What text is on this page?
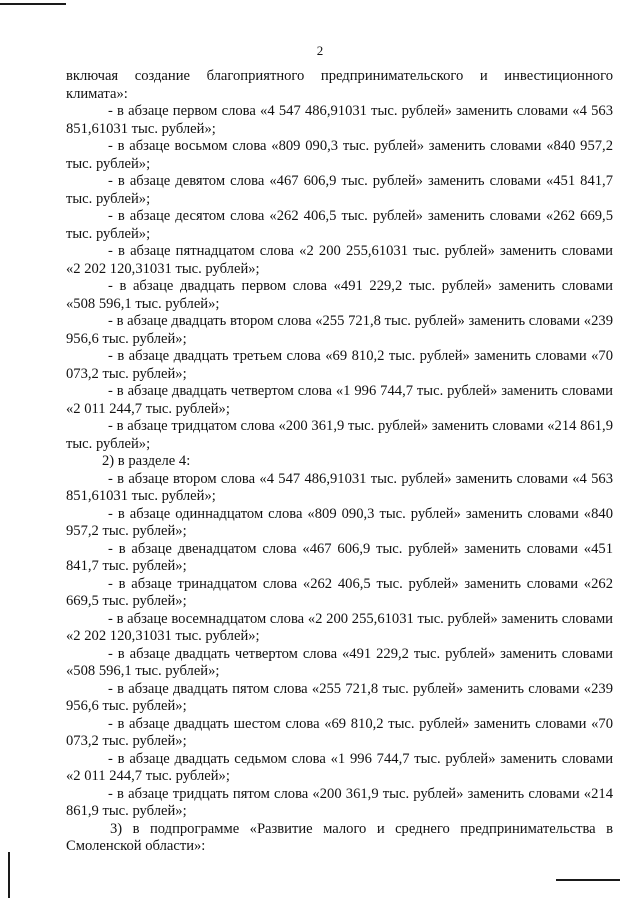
2

включая создание благоприятного предпринимательского и инвестиционного климата»:

- в абзаце первом слова «4 547 486,91031 тыс. рублей» заменить словами «4 563 851,61031 тыс. рублей»;

- в абзаце восьмом слова «809 090,3 тыс. рублей» заменить словами «840 957,2 тыс. рублей»;

- в абзаце девятом слова «467 606,9 тыс. рублей» заменить словами «451 841,7 тыс. рублей»;

- в абзаце десятом слова «262 406,5 тыс. рублей» заменить словами «262 669,5 тыс. рублей»;

- в абзаце пятнадцатом слова «2 200 255,61031 тыс. рублей» заменить словами «2 202 120,31031 тыс. рублей»;

- в абзаце двадцать первом слова «491 229,2 тыс. рублей» заменить словами «508 596,1 тыс. рублей»;

- в абзаце двадцать втором слова «255 721,8 тыс. рублей» заменить словами «239 956,6 тыс. рублей»;

- в абзаце двадцать третьем слова «69 810,2 тыс. рублей» заменить словами «70 073,2 тыс. рублей»;

- в абзаце двадцать четвертом слова «1 996 744,7 тыс. рублей» заменить словами «2 011 244,7 тыс. рублей»;

- в абзаце тридцатом слова «200 361,9 тыс. рублей» заменить словами «214 861,9 тыс. рублей»;

2) в разделе 4:

- в абзаце втором слова «4 547 486,91031 тыс. рублей» заменить словами «4 563 851,61031 тыс. рублей»;

- в абзаце одиннадцатом слова «809 090,3 тыс. рублей» заменить словами «840 957,2 тыс. рублей»;

- в абзаце двенадцатом слова «467 606,9 тыс. рублей» заменить словами «451 841,7 тыс. рублей»;

- в абзаце тринадцатом слова «262 406,5 тыс. рублей» заменить словами «262 669,5 тыс. рублей»;

- в абзаце восемнадцатом слова «2 200 255,61031 тыс. рублей» заменить словами «2 202 120,31031 тыс. рублей»;

- в абзаце двадцать четвертом слова «491 229,2 тыс. рублей» заменить словами «508 596,1 тыс. рублей»;

- в абзаце двадцать пятом слова «255 721,8 тыс. рублей» заменить словами «239 956,6 тыс. рублей»;

- в абзаце двадцать шестом слова «69 810,2 тыс. рублей» заменить словами «70 073,2 тыс. рублей»;

- в абзаце двадцать седьмом слова «1 996 744,7 тыс. рублей» заменить словами «2 011 244,7 тыс. рублей»;

- в абзаце тридцать пятом слова «200 361,9 тыс. рублей» заменить словами «214 861,9 тыс. рублей»;

3) в подпрограмме «Развитие малого и среднего предпринимательства в Смоленской области»:
